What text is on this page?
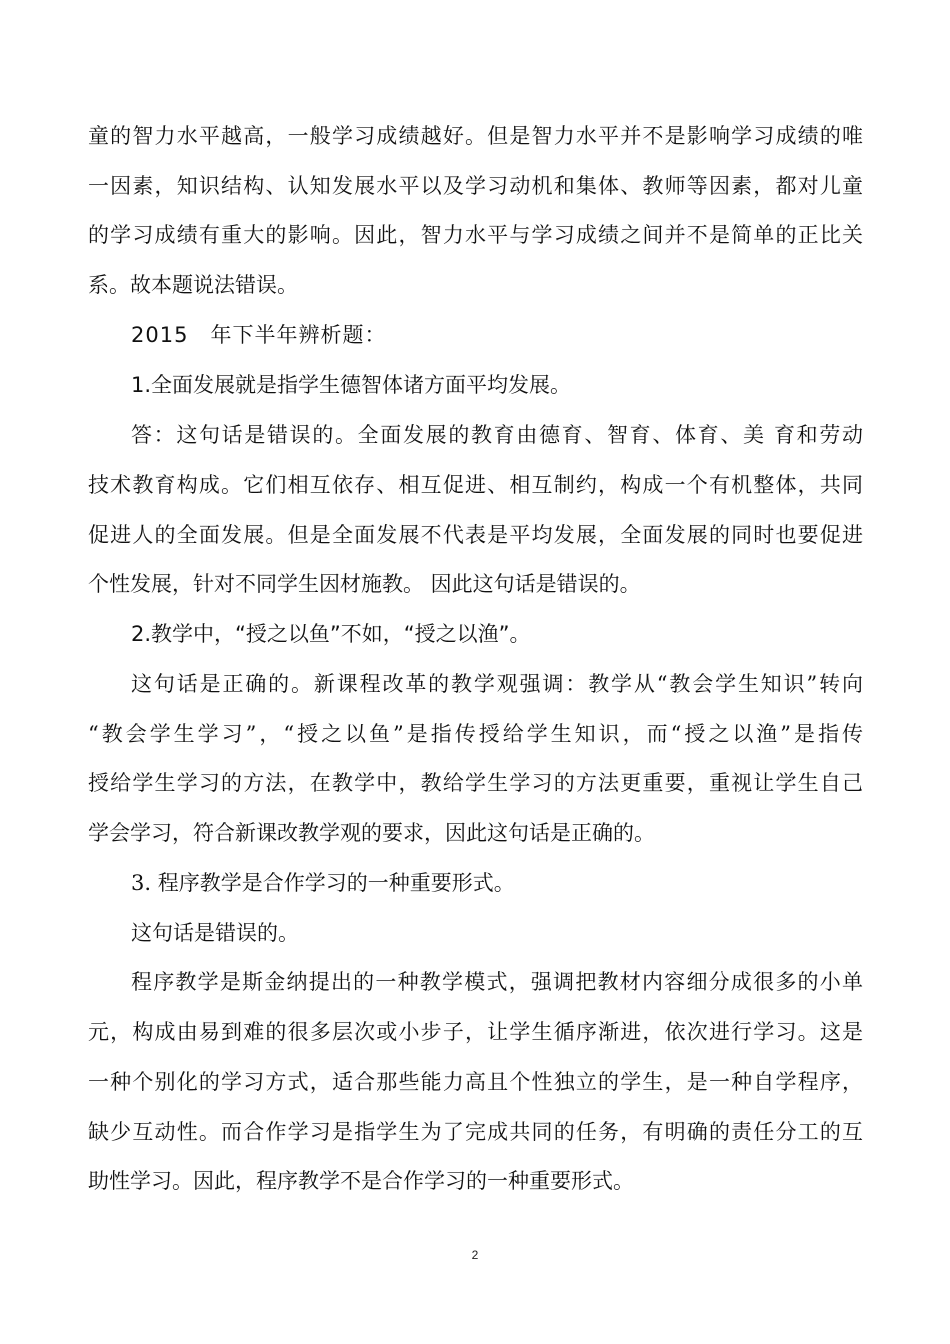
童的智力水平越高，一般学习成绩越好。但是智力水平并不是影响学习成绩的唯
一因素，知识结构、认知发展水平以及学习动机和集体、教师等因素，都对儿童
的学习成绩有重大的影响。因此，智力水平与学习成绩之间并不是简单的正比关
系。故本题说法错误。
2015　年下半年辨析题：
1.全面发展就是指学生德智体诸方面平均发展。
答：这句话是错误的。全面发展的教育由德育、智育、体育、美 育和劳动
技术教育构成。它们相互依存、相互促进、相互制约，构成一个有机整体，共同
促进人的全面发展。但是全面发展不代表是平均发展，全面发展的同时也要促进
个性发展，针对不同学生因材施教。 因此这句话是错误的。
2.教学中，“授之以鱼”不如，“授之以渔”。
这句话是正确的。新课程改革的教学观强调：教学从“教会学生知识”转向
“教会学生学习”，“授之以鱼”是指传授给学生知识，而“授之以渔”是指传
授给学生学习的方法，在教学中，教给学生学习的方法更重要，重视让学生自己
学会学习，符合新课改教学观的要求，因此这句话是正确的。
3. 程序教学是合作学习的一种重要形式。
这句话是错误的。
程序教学是斯金纳提出的一种教学模式，强调把教材内容细分成很多的小单
元，构成由易到难的很多层次或小步子，让学生循序渐进，依次进行学习。这是
一种个别化的学习方式，适合那些能力高且个性独立的学生，是一种自学程序，
缺少互动性。而合作学习是指学生为了完成共同的任务，有明确的责任分工的互
助性学习。因此，程序教学不是合作学习的一种重要形式。
2
